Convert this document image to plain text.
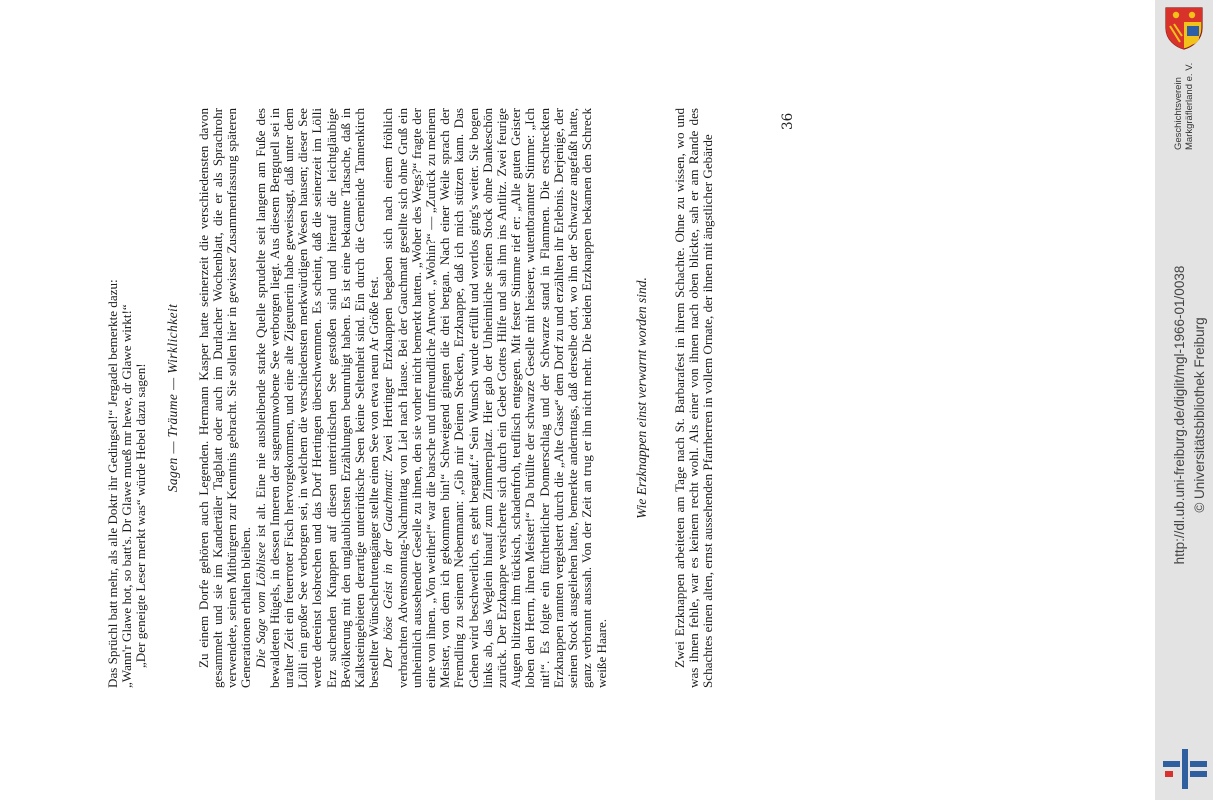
Das Sprüchl batt mehr, als alle Doktr ihr Gedingsel!“ Jergadel bemerkte dazu: „Wann'r Glawe hot, so batt's. Dr Glawe mueß mr hewe, dr Glawe wirkt!“ „Der geneigte Leser merkt was“ würde Hebel dazu sagen! Sagen — Träume — Wirklichkeit Zu einem Dorfe gehören auch Legenden. Hermann Kasper hatte seinerzeit die verschiedensten davon gesammelt und sie im Kandertäler Tagblatt oder auch im Durlacher Wochenblatt, die er als Sprachrohr verwendete, seinen Mitbürgern zur Kenntnis gebracht. Sie sollen hier in gewisser Zusammenfassung späteren Generationen erhalten bleiben. Die Sage vom Löblisee ist alt. Eine nie ausbleibende starke Quelle sprudelte seit langem am Fuße des bewaldeten Hügels, in dessen Inneren der sagenumwobene See verborgen liegt. Aus diesem Bergquell sei in uralter Zeit ein feuerroter Fisch hervorgekommen, und eine alte Zigeunerin habe geweissagt, daß unter dem Lölli ein großer See verborgen sei, in welchem die verschiedensten merkwürdigen Wesen hausen; dieser See werde dereinst losbrechen und das Dorf Hertingen überschwemmen. Es scheint, daß die seinerzeit im Lölli Erz suchenden Knappen auf diesen unterirdischen See gestoßen sind und hierauf die leichtgläubige Bevölkerung mit den unglaublichsten Erzählungen beunruhigt haben. Es ist eine bekannte Tatsache, daß in Kalksteingebieten derartige unterirdische Seen keine Seltenheit sind. Ein durch die Gemeinde Tannenkirch bestellter Wünschelrutengänger stellte einen See von etwa neun Ar Größe fest. Der böse Geist in der Gauchmatt: Zwei Hertinger Erzknappen begaben sich nach einem fröhlich verbrachten Adventsonntag-Nachmittag von Liel nach Hause. Bei der Gauchmatt gesellte sich ohne Gruß ein unheimlich aussehender Geselle zu ihnen, den sie vorher nicht bemerkt hatten. „Woher des Wegs?“ fragte der eine von ihnen. „Von weither!“ war die barsche und unfreundliche Antwort. „Wohin?“ — „Zurück zu meinem Meister, von dem ich gekommen bin!“ Schweigend gingen die drei bergan. Nach einer Weile sprach der Fremdling zu seinem Nebenmann: „Gib mir Deinen Stecken, Erzknappe, daß ich mich stützen kann. Das Gehen wird beschwerlich, es geht bergauf.“ Sein Wunsch wurde erfüllt und wortlos ging's weiter. Sie bogen links ab, das Weglein hinauf zum Zimmerplatz. Hier gab der Unheimliche seinen Stock ohne Dankeschön zurück. Der Erzknappe versicherte sich durch ein Gebet Gottes Hilfe und sah ihm ins Antlitz. Zwei feurige Augen blitzten ihm tückisch, schadenfroh, teuflisch entgegen. Mit fester Stimme rief er: „Alle guten Geister loben den Herrn, ihren Meister!“ Da brüllte der schwarze Geselle mit heiserer, wutentbrannter Stimme: „Ich nit!“. Es folgte ein fürchterlicher Donnerschlag und der Schwarze stand in Flammen. Die erschreckten Erzknappen rannten vergelstert durch die „Alte Gasse“ dem Dorf zu und erzählten ihr Erlebnis. Derjenige, der seinen Stock ausgeliehen hatte, bemerkte anderntags, daß derselbe dort, wo ihn der Schwarze angefaßt hatte, ganz verbrannt aussah. Von der Zeit an trug er ihn nicht mehr. Die beiden Erzknappen bekamen den Schreck weiße Haare.

Wie Erzknappen einst verwarnt worden sind. Zwei Erzknappen arbeiteten am Tage nach St. Barbarafest in ihrem Schachte. Ohne zu wissen, wo und was ihnen fehle, war es keinem recht wohl. Als einer von ihnen nach oben blickte, sah er am Rande des Schachtes einen alten, ernst aussehenden Pfarrherren in vollem Ornate, der ihnen mit ängstlicher Gebärde

36	Geschichtsverein Markgräflerland e. V.
http://dl.ub.uni-freiburg.de/diglit/mgl-1966-01/0038 © Universitätsbibliothek Freiburg
